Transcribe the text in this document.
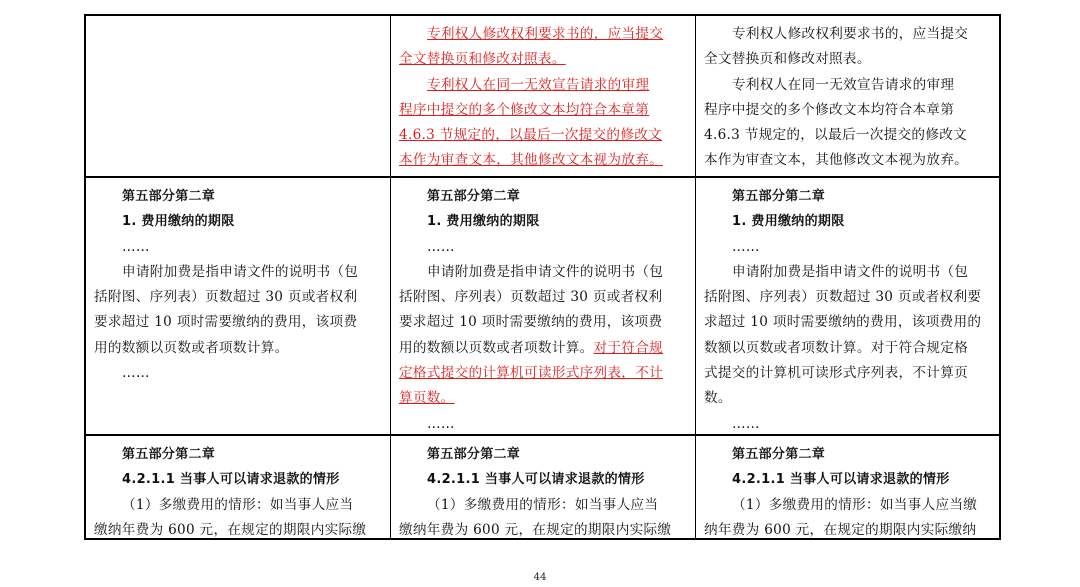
专利权人修改权利要求书的，应当提交
全文替换页和修改对照表。
专利权人在同一无效宣告请求的审理
程序中提交的多个修改文本均符合本章第
4.6.3 节规定的，以最后一次提交的修改文
本作为审查文本，其他修改文本视为放弃。
专利权人修改权利要求书的，应当提交
全文替换页和修改对照表。
专利权人在同一无效宣告请求的审理
程序中提交的多个修改文本均符合本章第
4.6.3 节规定的，以最后一次提交的修改文
本作为审查文本，其他修改文本视为放弃。
第五部分第二章
1. 费用缴纳的期限
……
申请附加费是指申请文件的说明书（包
括附图、序列表）页数超过 30 页或者权利
要求超过 10 项时需要缴纳的费用，该项费
用的数额以页数或者项数计算。
……
第五部分第二章
1. 费用缴纳的期限
……
申请附加费是指申请文件的说明书（包
括附图、序列表）页数超过 30 页或者权利
要求超过 10 项时需要缴纳的费用，该项费
用的数额以页数或者项数计算。对于符合规
定格式提交的计算机可读形式序列表，不计
算页数。
……
第五部分第二章
1. 费用缴纳的期限
……
申请附加费是指申请文件的说明书（包
括附图、序列表）页数超过 30 页或者权利要
求超过 10 项时需要缴纳的费用，该项费用的
数额以页数或者项数计算。对于符合规定格
式提交的计算机可读形式序列表，不计算页
数。
……
第五部分第二章
4.2.1.1 当事人可以请求退款的情形
（1）多缴费用的情形：如当事人应当
缴纳年费为 600 元，在规定的期限内实际缴
第五部分第二章
4.2.1.1 当事人可以请求退款的情形
（1）多缴费用的情形：如当事人应当
缴纳年费为 600 元，在规定的期限内实际缴
第五部分第二章
4.2.1.1 当事人可以请求退款的情形
（1）多缴费用的情形：如当事人应当缴
纳年费为 600 元，在规定的期限内实际缴纳
44
